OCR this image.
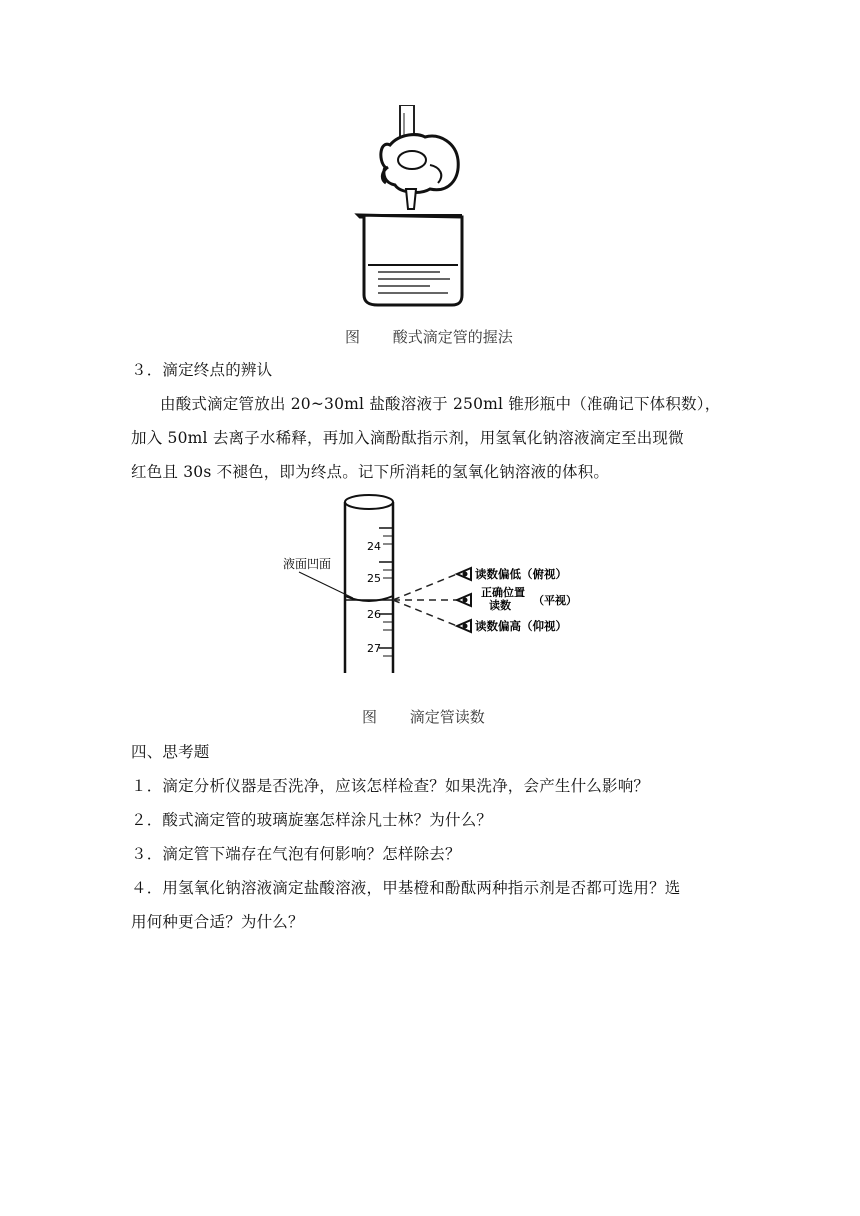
图 酸式滴定管的握法
３．滴定终点的辨认
由酸式滴定管放出 20~30ml 盐酸溶液于 250ml 锥形瓶中（准确记下体积数），
加入 50ml 去离子水稀释，再加入滴酚酞指示剂，用氢氧化钠溶液滴定至出现微
红色且 30s 不褪色，即为终点。记下所消耗的氢氧化钠溶液的体积。
24
25
26
27
液面凹面
读数偏低（俯视）
正确位置
读数 （平视）
读数偏高（仰视）
图 滴定管读数
四、思考题
１．滴定分析仪器是否洗净，应该怎样检查？如果洗净，会产生什么影响？
２．酸式滴定管的玻璃旋塞怎样涂凡士林？为什么？
３．滴定管下端存在气泡有何影响？怎样除去？
４．用氢氧化钠溶液滴定盐酸溶液，甲基橙和酚酞两种指示剂是否都可选用？选
用何种更合适？为什么？
